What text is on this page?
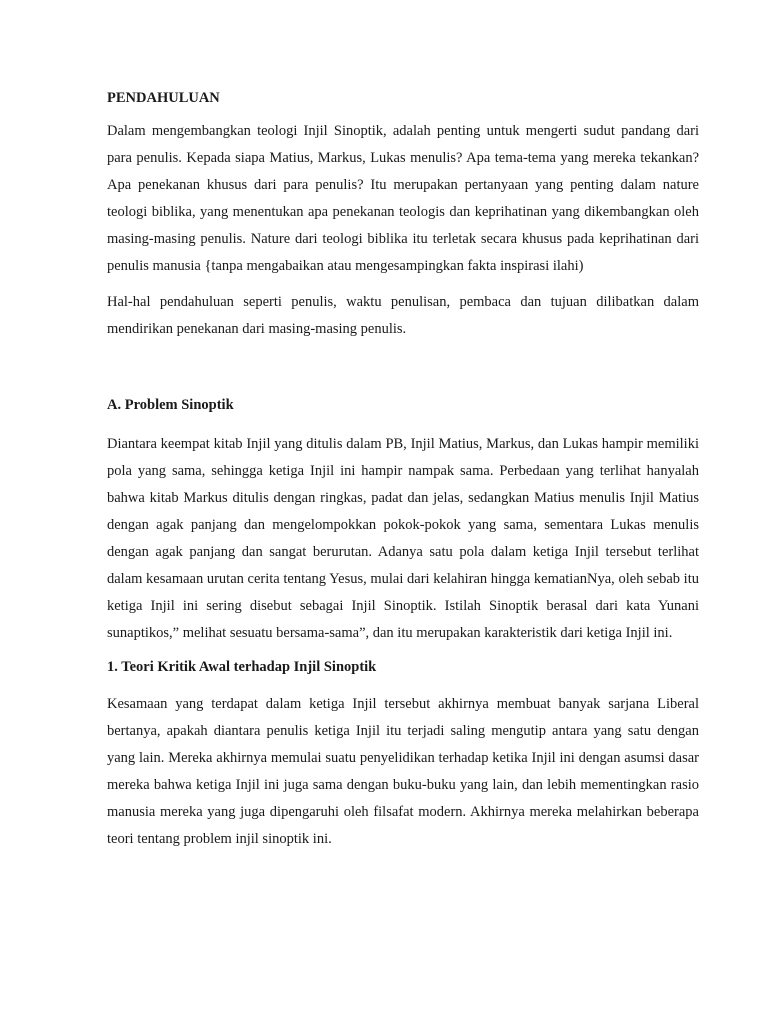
PENDAHULUAN

Dalam mengembangkan teologi Injil Sinoptik, adalah penting untuk mengerti sudut pandang dari para penulis. Kepada siapa Matius, Markus, Lukas menulis? Apa tema-tema yang mereka tekankan? Apa penekanan khusus dari para penulis? Itu merupakan pertanyaan yang penting dalam nature teologi biblika, yang menentukan apa penekanan teologis dan keprihatinan yang dikembangkan oleh masing-masing penulis. Nature dari teologi biblika itu terletak secara khusus pada keprihatinan dari penulis manusia {tanpa mengabaikan atau mengesampingkan fakta inspirasi ilahi)

Hal-hal pendahuluan seperti penulis, waktu penulisan, pembaca dan tujuan dilibatkan dalam mendirikan penekanan dari masing-masing penulis.

A. Problem Sinoptik

Diantara keempat kitab Injil yang ditulis dalam PB, Injil Matius, Markus, dan Lukas hampir memiliki pola yang sama, sehingga ketiga Injil ini hampir nampak sama. Perbedaan yang terlihat hanyalah bahwa kitab Markus ditulis dengan ringkas, padat dan jelas, sedangkan Matius menulis Injil Matius dengan agak panjang dan mengelompokkan pokok-pokok yang sama, sementara Lukas menulis dengan agak panjang dan sangat berurutan. Adanya satu pola dalam ketiga Injil tersebut terlihat dalam kesamaan urutan cerita tentang Yesus, mulai dari kelahiran hingga kematianNya, oleh sebab itu ketiga Injil ini sering disebut sebagai Injil Sinoptik. Istilah Sinoptik berasal dari kata Yunani sunaptikos,” melihat sesuatu bersama-sama”, dan itu merupakan karakteristik dari ketiga Injil ini.

1. Teori Kritik Awal terhadap Injil Sinoptik

Kesamaan yang terdapat dalam ketiga Injil tersebut akhirnya membuat banyak sarjana Liberal bertanya, apakah diantara penulis ketiga Injil itu terjadi saling mengutip antara yang satu dengan yang lain. Mereka akhirnya memulai suatu penyelidikan terhadap ketika Injil ini dengan asumsi dasar mereka bahwa ketiga Injil ini juga sama dengan buku-buku yang lain, dan lebih mementingkan rasio manusia mereka yang juga dipengaruhi oleh filsafat modern. Akhirnya mereka melahirkan beberapa teori tentang problem injil sinoptik ini.
